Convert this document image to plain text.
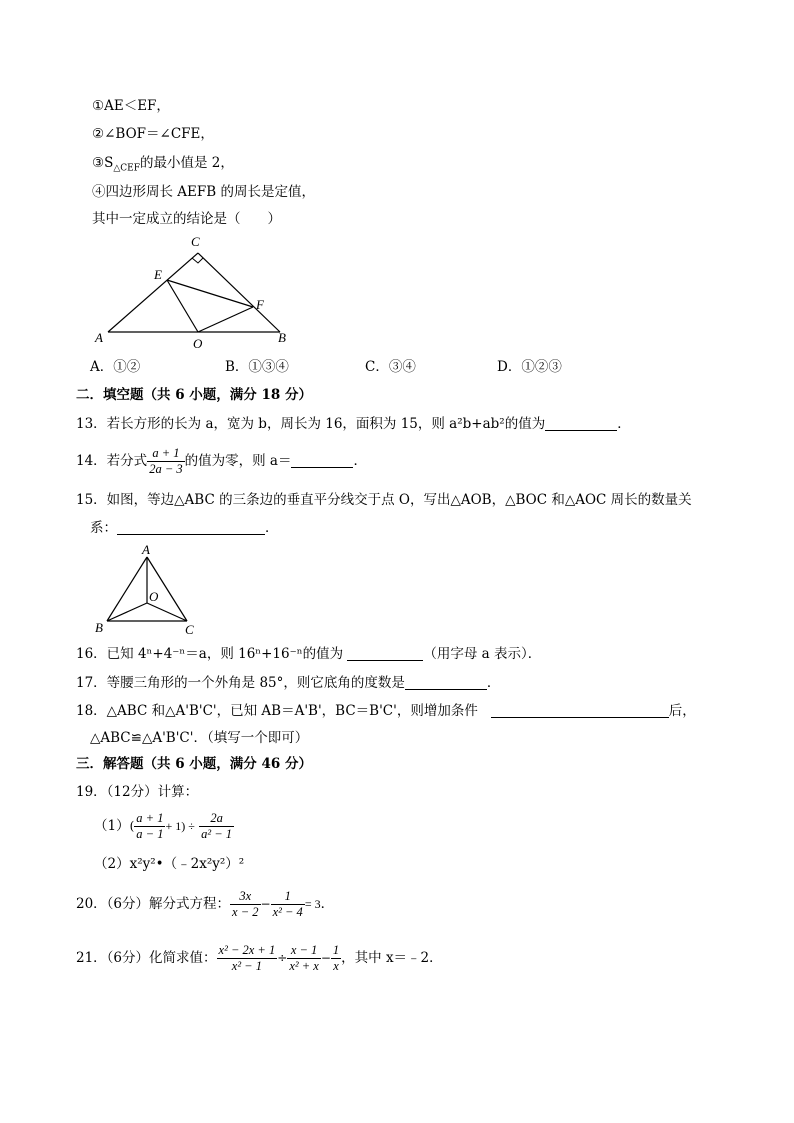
①AE＜EF，
②∠BOF＝∠CFE，
$③S_{\triangle CEF}$的最小值是 2，
④四边形周长 AEFB 的周长是定值，
其中一定成立的结论是（　　）
C
E
F
A	O	B
A．①②	B．①③④	C．③④	D．①②③
二．填空题（共 6 小题，满分 18 分）
13．若长方形的长为 a，宽为 b，周长为 16，面积为 15，则 a²b+ab²的值为	．
14．若分式 $\frac{a + 1}{2a - 3}$ 的值为零，则 a＝	．
15．如图，等边△ABC 的三条边的垂直平分线交于点 O，写出△AOB，△BOC 和△AOC 周长的数量关
系：	．
A
O
B	C
16．已知 4ⁿ+4⁻ⁿ＝a，则 16ⁿ+16⁻ⁿ的值为	（用字母 a 表示）．
17．等腰三角形的一个外角是 85°，则它底角的度数是	．
18．△ABC 和△A'B'C'，已知 AB＝A'B'，BC＝B'C'，则增加条件	后，
△ABC≌△A'B'C'．（填写一个即可）
三．解答题（共 6 小题，满分 46 分）
19．（12分）计算：
$(1)( \frac{a + 1}{a - 1} + 1) \div \frac{2a}{\text{a² − 1}}$
（2）x²y²•（﹣2x²y²）²
20．（6分）解分式方程： $\frac{3x}{x - 2} - \frac{1}{\text{x² − 4}} = 3$．
21．（6分）化简求值： $\frac{\text{x² − 2x + 1}}{\text{x² − 1}} \div \frac{x - 1}{\text{x² + x}} - \frac{1}{x}$ ，其中 x＝﹣2．
